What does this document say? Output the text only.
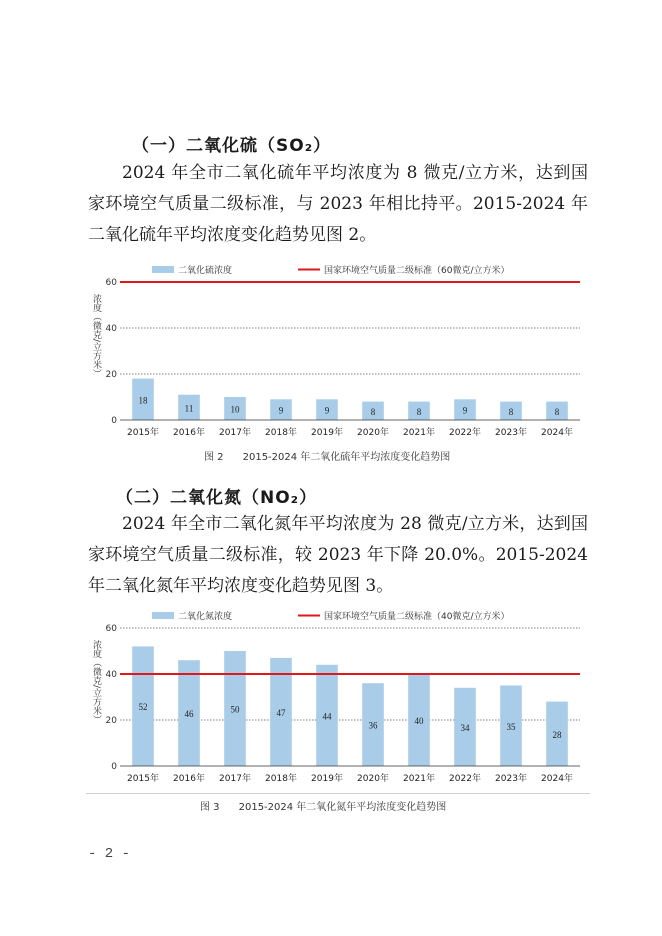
（一）二氧化硫（SO₂）

2024 年全市二氧化硫年平均浓度为 8 微克/立方米，达到国家环境空气质量二级标准，与 2023 年相比持平。2015-2024 年二氧化硫年平均浓度变化趋势见图 2。

二氧化硫浓度	国家环境空气质量二级标准（60微克/立方米）
0
20
40
60
浓度（微克/立方米）
18
2015年
11
2016年
10
2017年
9
2018年
9
2019年
8
2020年
8
2021年
9
2022年
8
2023年
8
2024年
图 2      2015-2024 年二氧化硫年平均浓度变化趋势图
（二）二氧化氮（NO₂）

2024 年全市二氧化氮年平均浓度为 28 微克/立方米，达到国家环境空气质量二级标准，较 2023 年下降 20.0%。2015-2024 年二氧化氮年平均浓度变化趋势见图 3。

二氧化氮浓度	国家环境空气质量二级标准（40微克/立方米）
0
20
40
60
浓度（微克/立方米）	52
2015年
46
2016年
50
2017年
47
2018年
44
2019年
36
2020年
40
2021年
34
2022年
35
2023年
28
2024年
图 3      2015-2024 年二氧化氮年平均浓度变化趋势图
- 2 -
